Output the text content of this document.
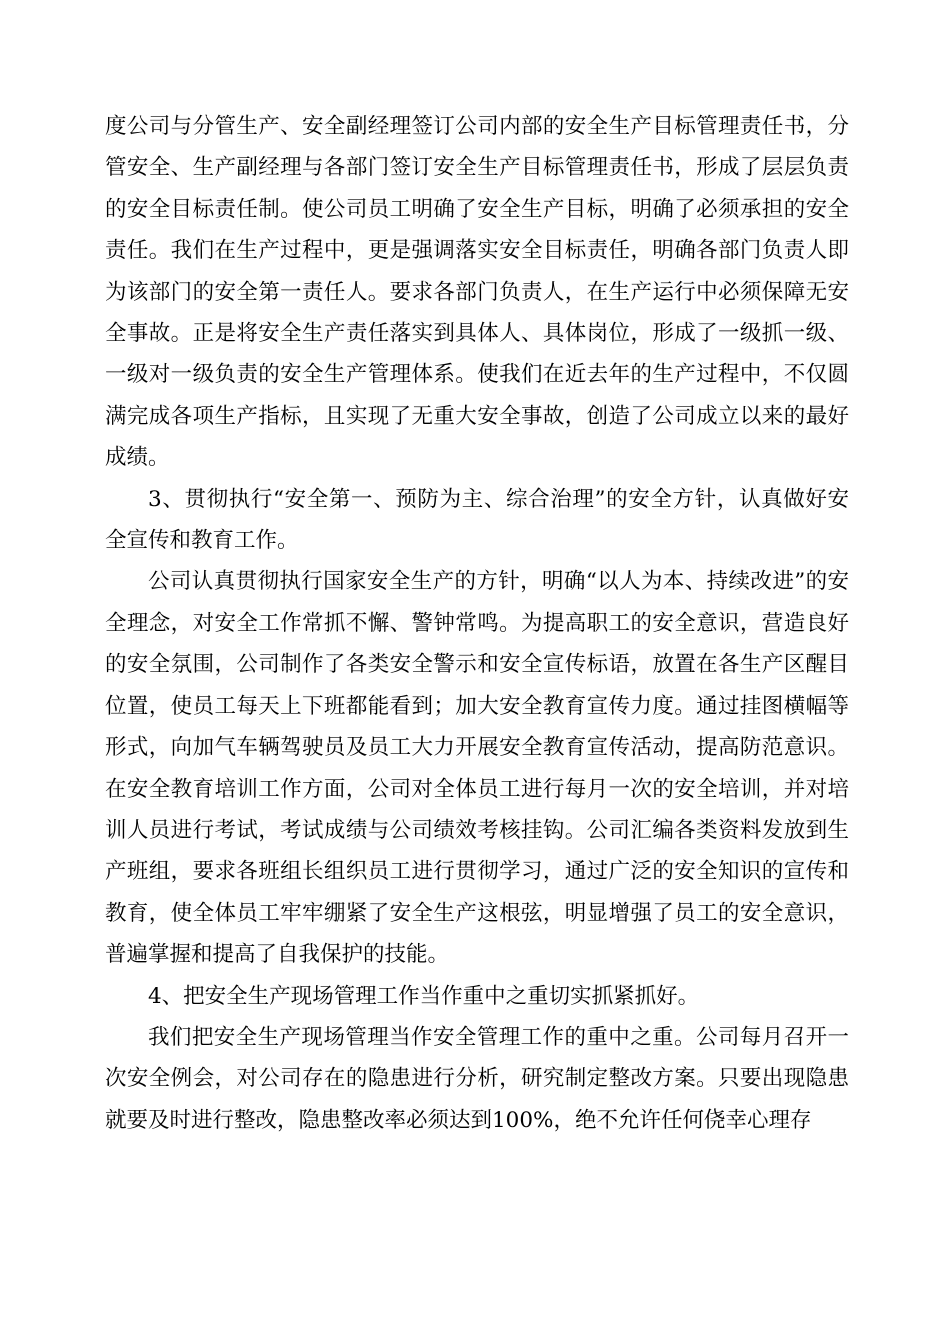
度公司与分管生产、安全副经理签订公司内部的安全生产目标管理责任书，分管安全、生产副经理与各部门签订安全生产目标管理责任书，形成了层层负责的安全目标责任制。使公司员工明确了安全生产目标，明确了必须承担的安全责任。我们在生产过程中，更是强调落实安全目标责任，明确各部门负责人即为该部门的安全第一责任人。要求各部门负责人，在生产运行中必须保障无安全事故。正是将安全生产责任落实到具体人、具体岗位，形成了一级抓一级、一级对一级负责的安全生产管理体系。使我们在近去年的生产过程中，不仅圆满完成各项生产指标，且实现了无重大安全事故，创造了公司成立以来的最好成绩。

3、贯彻执行“安全第一、预防为主、综合治理”的安全方针，认真做好安全宣传和教育工作。

公司认真贯彻执行国家安全生产的方针，明确“以人为本、持续改进”的安全理念，对安全工作常抓不懈、警钟常鸣。为提高职工的安全意识，营造良好的安全氛围，公司制作了各类安全警示和安全宣传标语，放置在各生产区醒目位置，使员工每天上下班都能看到；加大安全教育宣传力度。通过挂图横幅等形式，向加气车辆驾驶员及员工大力开展安全教育宣传活动，提高防范意识。在安全教育培训工作方面，公司对全体员工进行每月一次的安全培训，并对培训人员进行考试，考试成绩与公司绩效考核挂钩。公司汇编各类资料发放到生产班组，要求各班组长组织员工进行贯彻学习，通过广泛的安全知识的宣传和教育，使全体员工牢牢绷紧了安全生产这根弦，明显增强了员工的安全意识，普遍掌握和提高了自我保护的技能。

4、把安全生产现场管理工作当作重中之重切实抓紧抓好。

我们把安全生产现场管理当作安全管理工作的重中之重。公司每月召开一次安全例会，对公司存在的隐患进行分析，研究制定整改方案。只要出现隐患就要及时进行整改，隐患整改率必须达到100%，绝不允许任何侥幸心理存
